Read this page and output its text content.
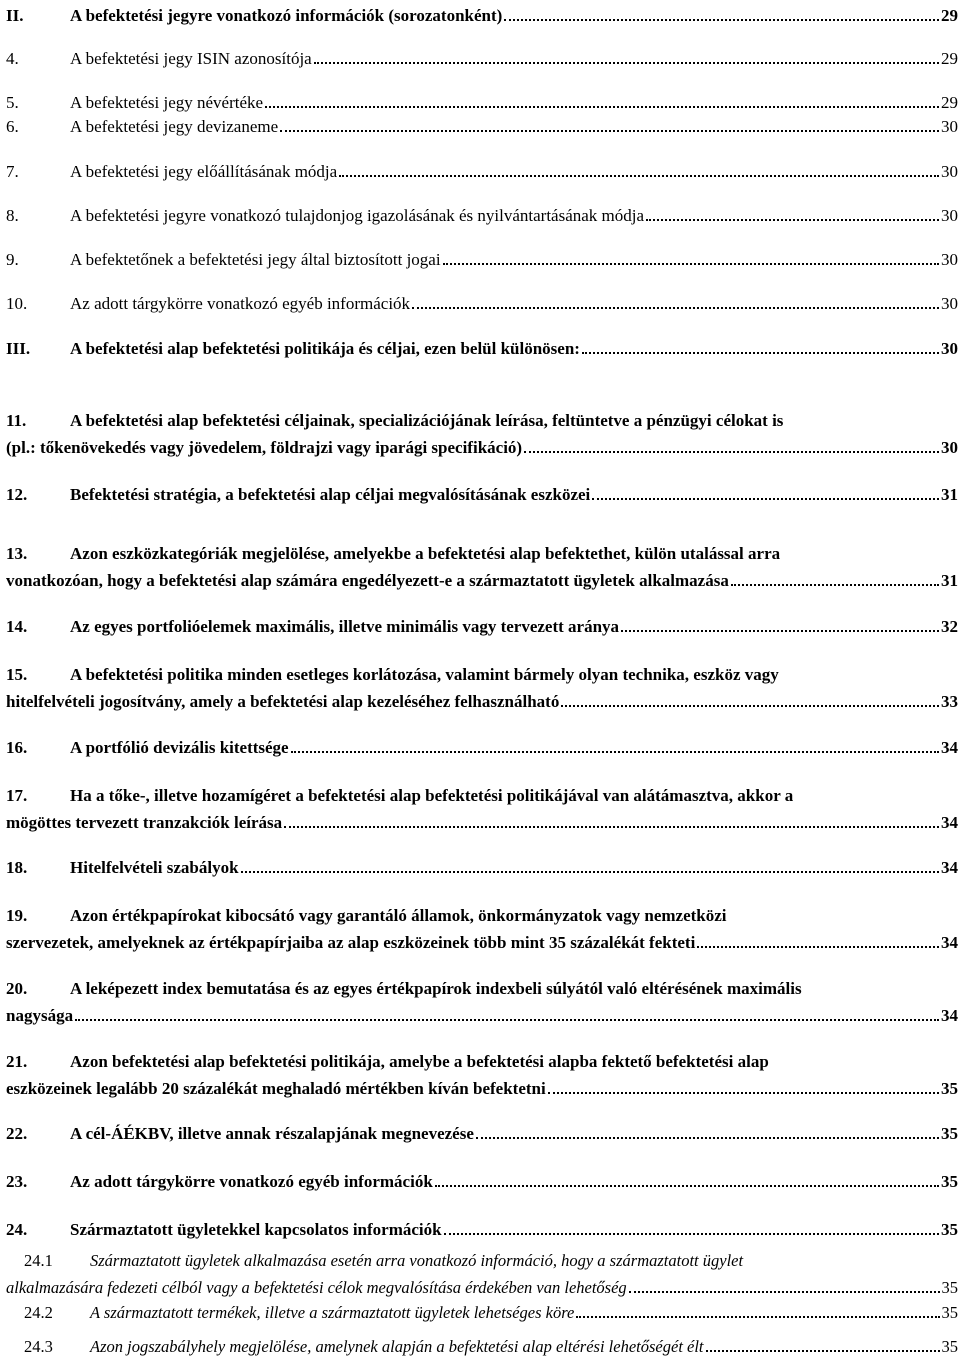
II.	A befektetési jegyre vonatkozó információk (sorozatonként)	29
4.	A befektetési jegy ISIN azonosítója	29
5.	A befektetési jegy névértéke	29
6.	A befektetési jegy devizaneme	30
7.	A befektetési jegy előállításának módja	30
8.	A befektetési jegyre vonatkozó tulajdonjog igazolásának és nyilvántartásának módja	30
9.	A befektetőnek a befektetési jegy által biztosított jogai	30
10.	Az adott tárgykörre vonatkozó egyéb információk	30
III.	A befektetési alap befektetési politikája és céljai, ezen belül különösen:	30
11.	A befektetési alap befektetési céljainak, specializációjának leírása, feltüntetve a pénzügyi célokat is
(pl.: tőkenövekedés vagy jövedelem, földrajzi vagy iparági specifikáció)	30
12.	Befektetési stratégia, a befektetési alap céljai megvalósításának eszközei	31
13.	Azon eszközkategóriák megjelölése, amelyekbe a befektetési alap befektethet, külön utalással arra
vonatkozóan, hogy a befektetési alap számára engedélyezett-e a származtatott ügyletek alkalmazása	31
14.	Az egyes portfolióelemek maximális, illetve minimális vagy tervezett aránya	32
15.	A befektetési politika minden esetleges korlátozása, valamint bármely olyan technika, eszköz vagy
hitelfelvételi jogosítvány, amely a befektetési alap kezeléséhez felhasználható	33
16.	A portfólió devizális kitettsége	34
17.	Ha a tőke-, illetve hozamígéret a befektetési alap befektetési politikájával van alátámasztva, akkor a
mögöttes tervezett tranzakciók leírása	34
18.	Hitelfelvételi szabályok	34
19.	Azon értékpapírokat kibocsátó vagy garantáló államok, önkormányzatok vagy nemzetközi
szervezetek, amelyeknek az értékpapírjaiba az alap eszközeinek több mint 35 százalékát fekteti	34
20.	A leképezett index bemutatása és az egyes értékpapírok indexbeli súlyától való eltérésének maximális
nagysága	34
21.	Azon befektetési alap befektetési politikája, amelybe a befektetési alapba fektető befektetési alap
eszközeinek legalább 20 százalékát meghaladó mértékben kíván befektetni	35
22.	A cél-ÁÉKBV, illetve annak részalapjának megnevezése	35
23.	Az adott tárgykörre vonatkozó egyéb információk	35
24.	Származtatott ügyletekkel kapcsolatos információk	35
24.1	Származtatott ügyletek alkalmazása esetén arra vonatkozó információ, hogy a származtatott ügylet
alkalmazására fedezeti célból vagy a befektetési célok megvalósítása érdekében van lehetőség	35
24.2	A származtatott termékek, illetve a származtatott ügyletek lehetséges köre	35
24.3	Azon jogszabályhely megjelölése, amelynek alapján a befektetési alap eltérési lehetőségét élt	35
